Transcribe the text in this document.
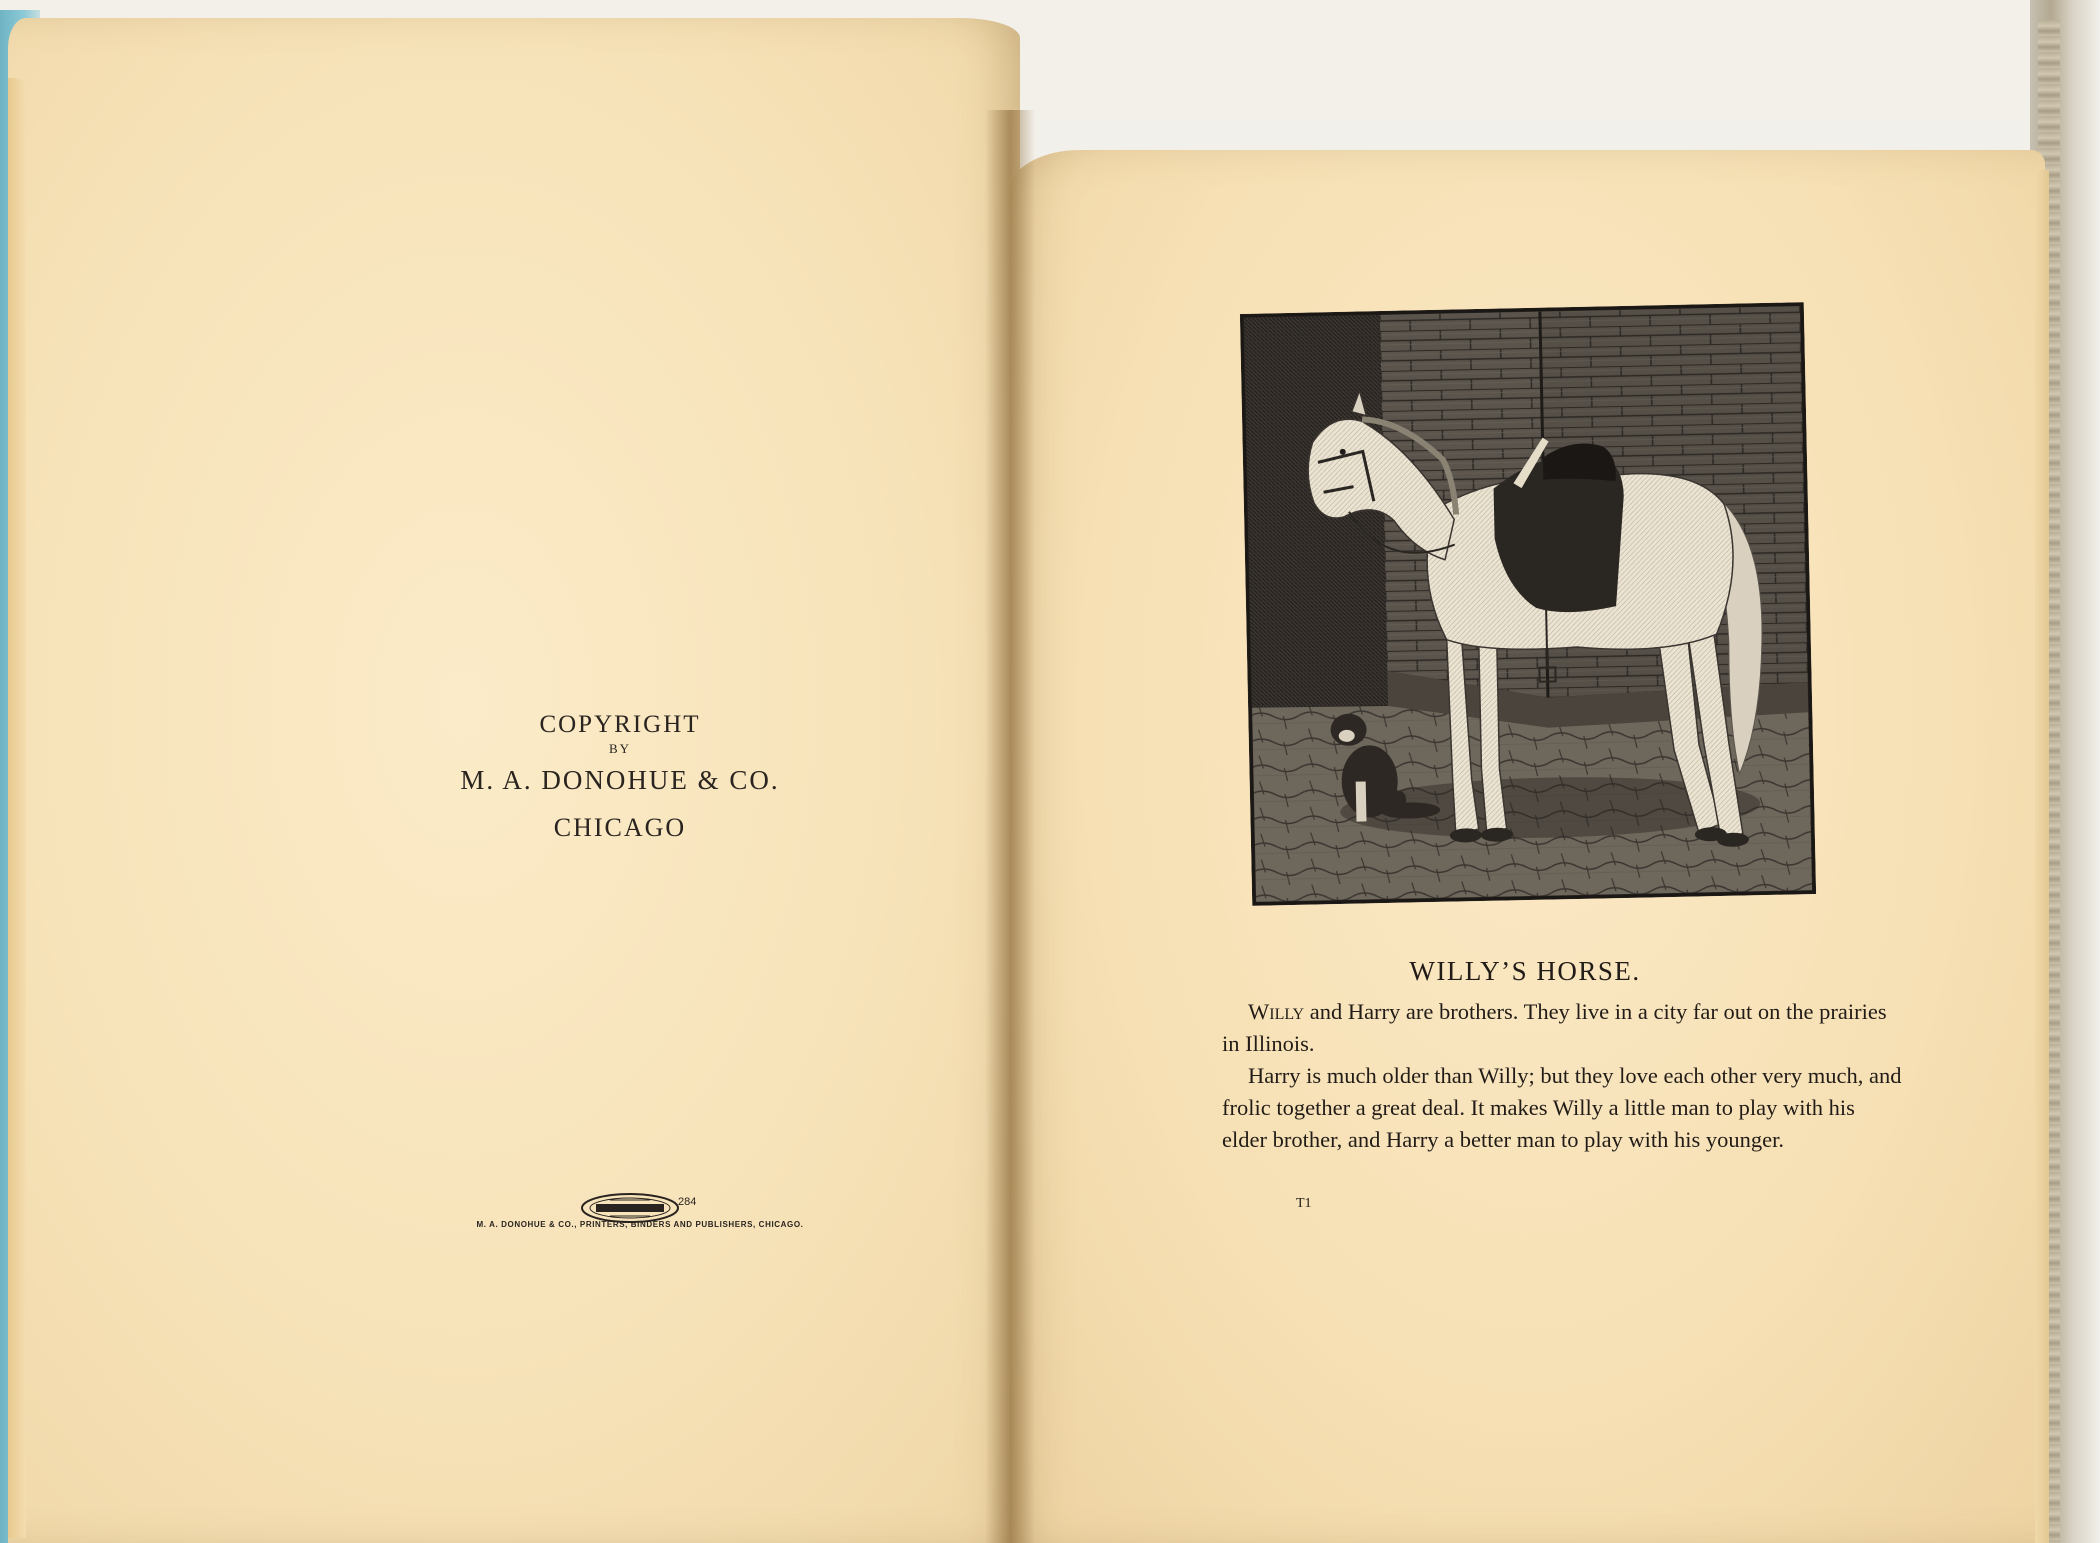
COPYRIGHT
BY
M. A. DONOHUE & CO.
CHICAGO
284
M. A. DONOHUE & CO., PRINTERS, BINDERS AND PUBLISHERS, CHICAGO.
WILLY’S HORSE.

Willy and Harry are brothers. They live in a city far out on the prairies in Illinois.

Harry is much older than Willy; but they love each other very much, and frolic together a great deal. It makes Willy a little man to play with his elder brother, and Harry a better man to play with his younger.

T1
